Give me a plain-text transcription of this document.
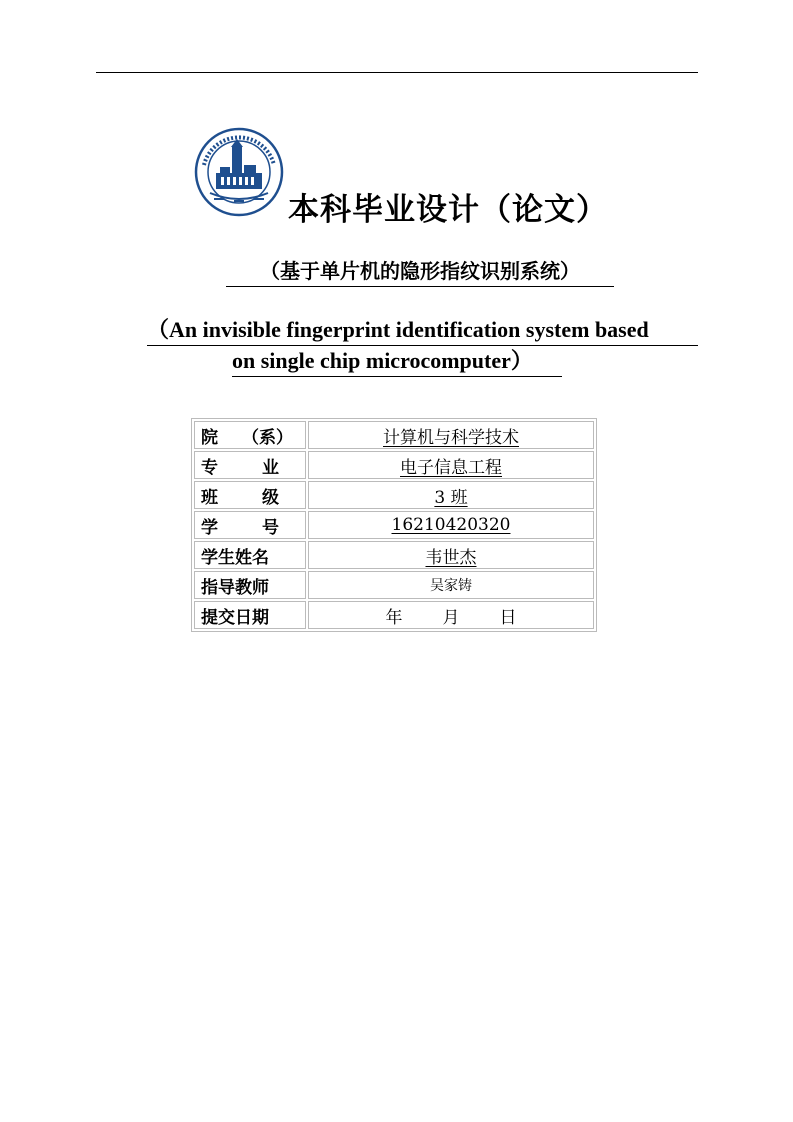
本科毕业设计（论文）
（基于单片机的隐形指纹识别系统）
（An invisible fingerprint identification system based
on single chip microcomputer）
院 （系）	计算机与科学技术

专 业	电子信息工程

班 级	3 班

学 号	16210420320
学生姓名	韦世杰
指导教师	吴家铸
提交日期	年 月 日
